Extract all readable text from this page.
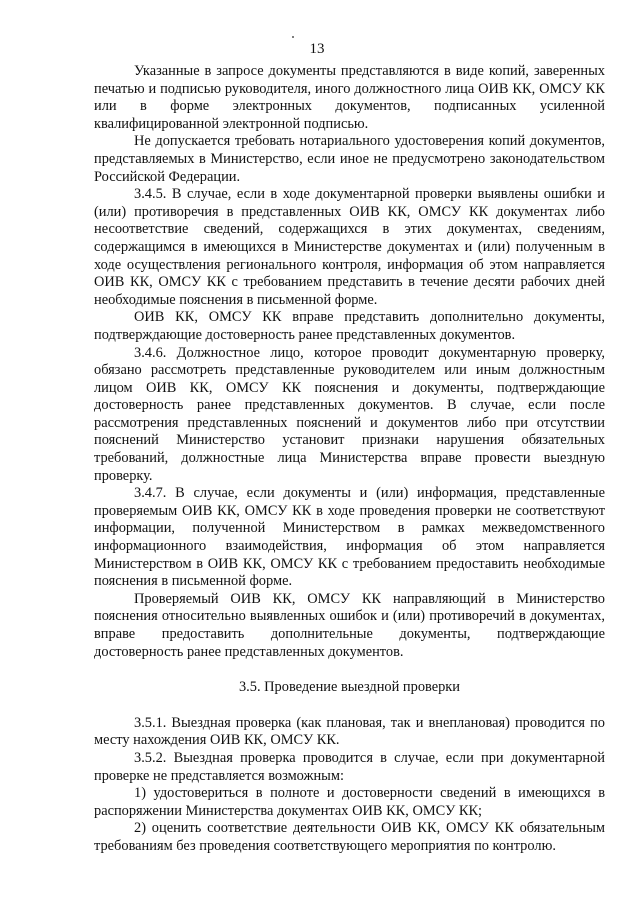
13

Указанные в запросе документы представляются в виде копий, заверенных печатью и подписью руководителя, иного должностного лица ОИВ КК, ОМСУ КК или в форме электронных документов, подписанных усиленной квалифицированной электронной подписью.

Не допускается требовать нотариального удостоверения копий документов, представляемых в Министерство, если иное не предусмотрено законодательством Российской Федерации.

3.4.5. В случае, если в ходе документарной проверки выявлены ошибки и (или) противоречия в представленных ОИВ КК, ОМСУ КК документах либо несоответствие сведений, содержащихся в этих документах, сведениям, содержащимся в имеющихся в Министерстве документах и (или) полученным в ходе осуществления регионального контроля, информация об этом направляется ОИВ КК, ОМСУ КК с требованием представить в течение десяти рабочих дней необходимые пояснения в письменной форме.

ОИВ КК, ОМСУ КК вправе представить дополнительно документы, подтверждающие достоверность ранее представленных документов.

3.4.6. Должностное лицо, которое проводит документарную проверку, обязано рассмотреть представленные руководителем или иным должностным лицом ОИВ КК, ОМСУ КК пояснения и документы, подтверждающие достоверность ранее представленных документов. В случае, если после рассмотрения представленных пояснений и документов либо при отсутствии пояснений Министерство установит признаки нарушения обязательных требований, должностные лица Министерства вправе провести выездную проверку.

3.4.7. В случае, если документы и (или) информация, представленные проверяемым ОИВ КК, ОМСУ КК в ходе проведения проверки не соответствуют информации, полученной Министерством в рамках межведомственного информационного взаимодействия, информация об этом направляется Министерством в ОИВ КК, ОМСУ КК с требованием предоставить необходимые пояснения в письменной форме.

Проверяемый ОИВ КК, ОМСУ КК направляющий в Министерство пояснения относительно выявленных ошибок и (или) противоречий в документах, вправе предоставить дополнительные документы, подтверждающие достоверность ранее представленных документов.

3.5. Проведение выездной проверки

3.5.1. Выездная проверка (как плановая, так и внеплановая) проводится по месту нахождения ОИВ КК, ОМСУ КК.

3.5.2. Выездная проверка проводится в случае, если при документарной проверке не представляется возможным:

1) удостовериться в полноте и достоверности сведений в имеющихся в распоряжении Министерства документах ОИВ КК, ОМСУ КК;

2) оценить соответствие деятельности ОИВ КК, ОМСУ КК обязательным требованиям без проведения соответствующего мероприятия по контролю.
